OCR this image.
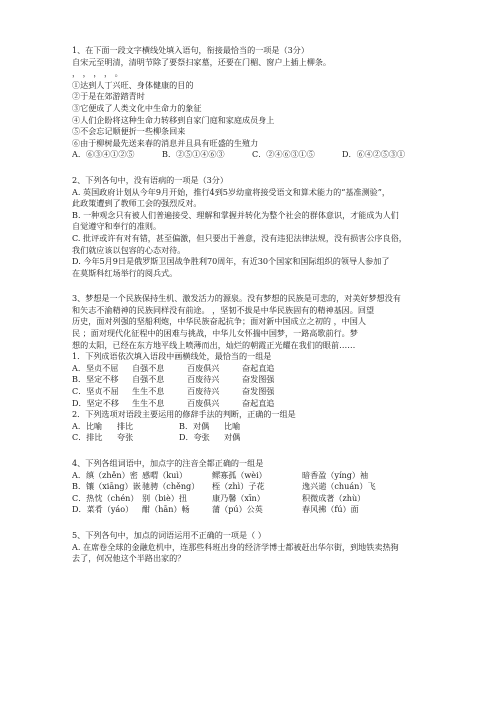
1、在下面一段文字横线处填入语句，衔接最恰当的一项是（3分）
自宋元至明清，清明节除了要祭扫家墓，还要在门楣、窗户上插上柳条。
， ， ， ， 。
①达到人丁兴旺、身体健康的目的
②于是在郊游踏青时
③它便成了人类文化中生命力的象征
④人们企盼将这种生命力转移到自家门庭和家庭成员身上
⑤不会忘记顺便折一些柳条回来
⑥由于柳树最先送来春的消息并且具有旺盛的生殖力
A．⑥③④①②⑤	B．②⑤①④⑥③	C．②④⑥③①⑤	D．⑥④②⑤③①
2、下列各句中，没有语病的一项是（3分）
A. 英国政府计划从今年9月开始，推行4到5岁幼童将接受语文和算术能力的“基准测验”，
此政策遭到了教师工会的强烈反对。
B. 一种观念只有被人们普遍接受、理解和掌握并转化为整个社会的群体意识，才能成为人们
自觉遵守和奉行的准则。
C. 批评或许有对有错，甚至偏激，但只要出于善意，没有违犯法律法规，没有损害公序良俗，
我们就应该以包容的心态对待。
D. 今年5月9日是俄罗斯卫国战争胜利70周年，有近30个国家和国际组织的领导人参加了
在莫斯科红场举行的阅兵式。
3、梦想是一个民族保持生机、激发活力的源泉。没有梦想的民族是可悲的，对美好梦想没有
和矢志不渝精神的民族同样没有前途。 ，坚韧不拔是中华民族固有的精神基因。回望
历史，面对列强的坚船利炮，中华民族奋起抗争；面对新中国成立之初的 ，中国人
民 ；面对现代化征程中的困难与挑战，中华儿女怀揣中国梦，一路高歌前行。梦
想的太阳，已经在东方地平线上喷薄而出，灿烂的朝霞正光耀在我们的眼前……
1．下列成语依次填入语段中画横线处，最恰当的一组是
A．坚贞不屈	自强不息	百废俱兴	奋起直追
B．坚定不移	自强不息	百废待兴	奋发图强
C．坚贞不屈	生生不息	百废待兴	奋发图强
D．坚定不移	生生不息	百废俱兴	奋起直追
2．下列选项对语段主要运用的修辞手法的判断，正确的一组是
A．比喻	排比	B．对偶	比喻
C．排比	夸张	D．夸张	对偶
4、下列各组词语中，加点字的注音全都正确的一组是
A．缜（zhěn）密 感喟（kuì）	鳏寡孤（wèi）	暗香盈（yíng）袖
B．镶（xiāng）嵌 驰骋（chěng）	桎（zhì）子花	逸兴遄（chuán）飞
C．热忱（chén） 别（biè）扭	康乃馨（xīn）	积微成著（zhù）
D．菜肴（yáo）	酣（hān）畅	蒲（pú）公英	春风拂（fú）面
5、下列各句中，加点的词语运用不正确的一项是（ ）
A. 在席卷全球的金融危机中，连那些科班出身的经济学博士都被赶出华尔街，到地铁卖热狗
去了，何况他这个半路出家的？
